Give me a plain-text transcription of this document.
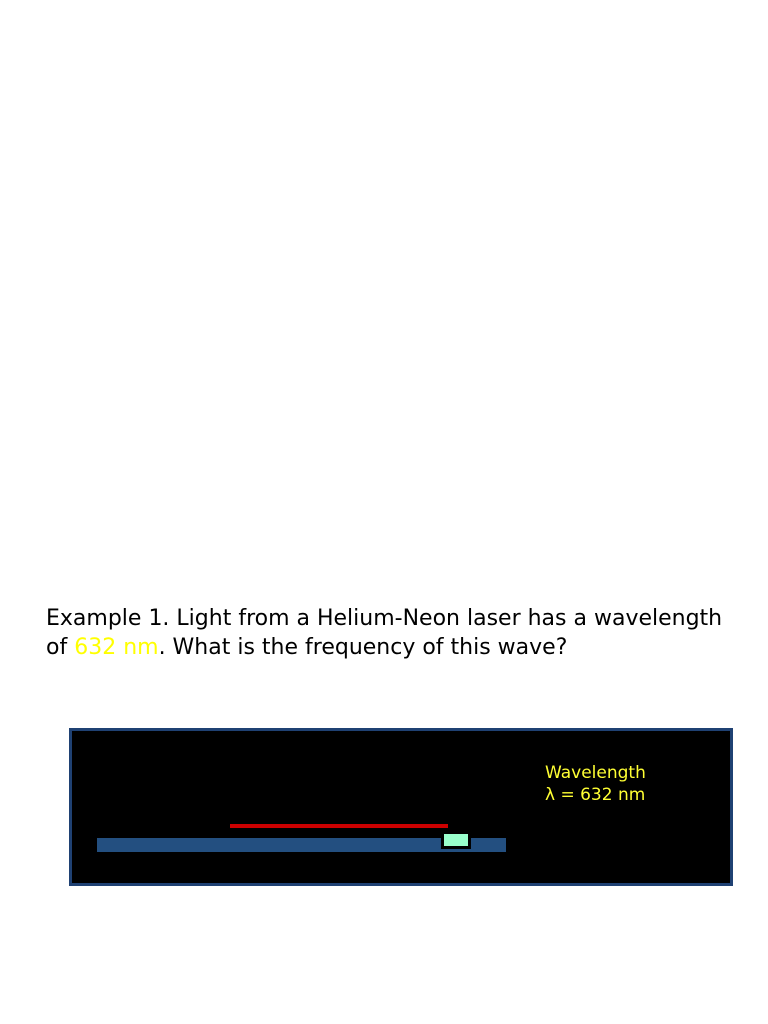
Example 1. Light from a Helium-Neon laser has a wavelength of 632 nm. What is the frequency of this wave?
Wavelength
λ = 632 nm
